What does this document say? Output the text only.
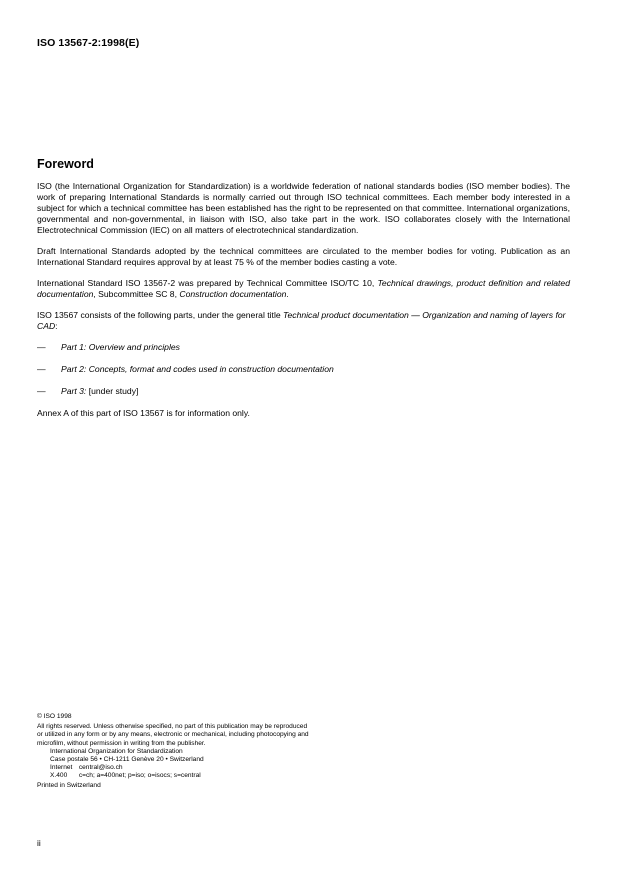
ISO 13567-2:1998(E)
Foreword

ISO (the International Organization for Standardization) is a worldwide federation of national standards bodies (ISO member bodies). The work of preparing International Standards is normally carried out through ISO technical committees. Each member body interested in a subject for which a technical committee has been established has the right to be represented on that committee. International organizations, governmental and non-governmental, in liaison with ISO, also take part in the work. ISO collaborates closely with the International Electrotechnical Commission (IEC) on all matters of electrotechnical standardization.

Draft International Standards adopted by the technical committees are circulated to the member bodies for voting. Publication as an International Standard requires approval by at least 75 % of the member bodies casting a vote.

International Standard ISO 13567-2 was prepared by Technical Committee ISO/TC 10, Technical drawings, product definition and related documentation, Subcommittee SC 8, Construction documentation.

ISO 13567 consists of the following parts, under the general title Technical product documentation — Organization and naming of layers for CAD:

— Part 1: Overview and principles
— Part 2: Concepts, format and codes used in construction documentation
— Part 3: [under study]

Annex A of this part of ISO 13567 is for information only.

© ISO 1998
All rights reserved. Unless otherwise specified, no part of this publication may be reproduced
or utilized in any form or by any means, electronic or mechanical, including photocopying and
microfilm, without permission in writing from the publisher.
International Organization for Standardization
Case postale 56 • CH-1211 Genève 20 • Switzerland
Internet central@iso.ch
X.400 c=ch; a=400net; p=iso; o=isocs; s=central
Printed in Switzerland
ii
